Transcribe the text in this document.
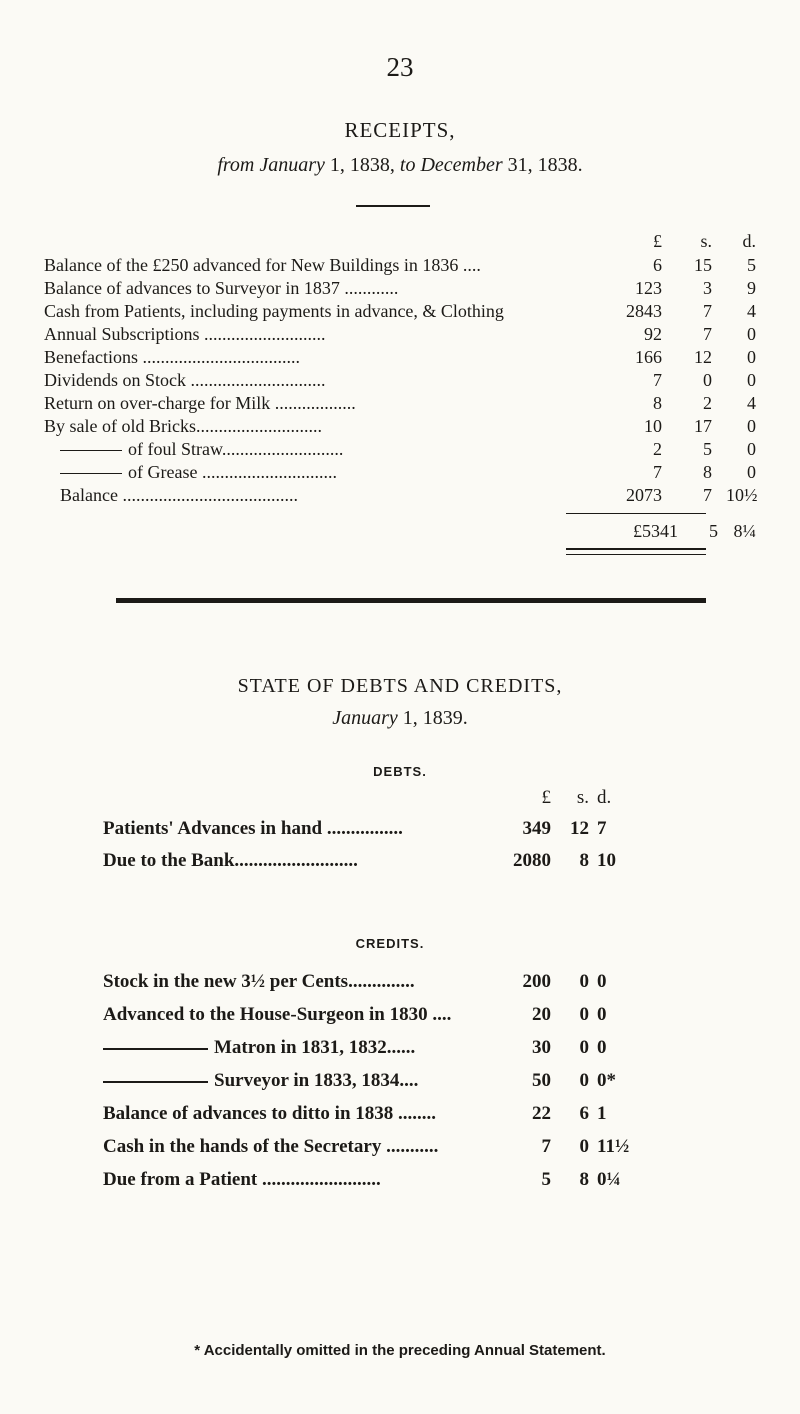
23
RECEIPTS,
from January 1, 1838, to December 31, 1838.
£	s.	d.
Balance of the £250 advanced for New Buildings in 1836 ....	6	15	5
Balance of advances to Surveyor in 1837 ............	123	3	9
Cash from Patients, including payments in advance, & Clothing	2843	7	4
Annual Subscriptions ...........................	92	7	0
Benefactions ...................................	166	12	0
Dividends on Stock ..............................	7	0	0
Return on over-charge for Milk ..................	8	2	4
By sale of old Bricks............................	10	17	0
of foul Straw...........................	2	5	0
of Grease ..............................	7	8	0
Balance .......................................	2073	7 10½
£5341	5 8¼
STATE OF DEBTS AND CREDITS,
January 1, 1839.
DEBTS.
£	s. d.
Patients' Advances in hand ................	349	12 7
Due to the Bank..........................	2080	8 10
CREDITS.
Stock in the new 3½ per Cents..............	200	0 0
Advanced to the House-Surgeon in 1830 ....	20	0 0
Matron in 1831, 1832......	30	0 0
Surveyor in 1833, 1834....	50	0 0*
Balance of advances to ditto in 1838 ........	22	6 1
Cash in the hands of the Secretary ...........	7	0 11½
Due from a Patient .........................	5	8 0¼
* Accidentally omitted in the preceding Annual Statement.
